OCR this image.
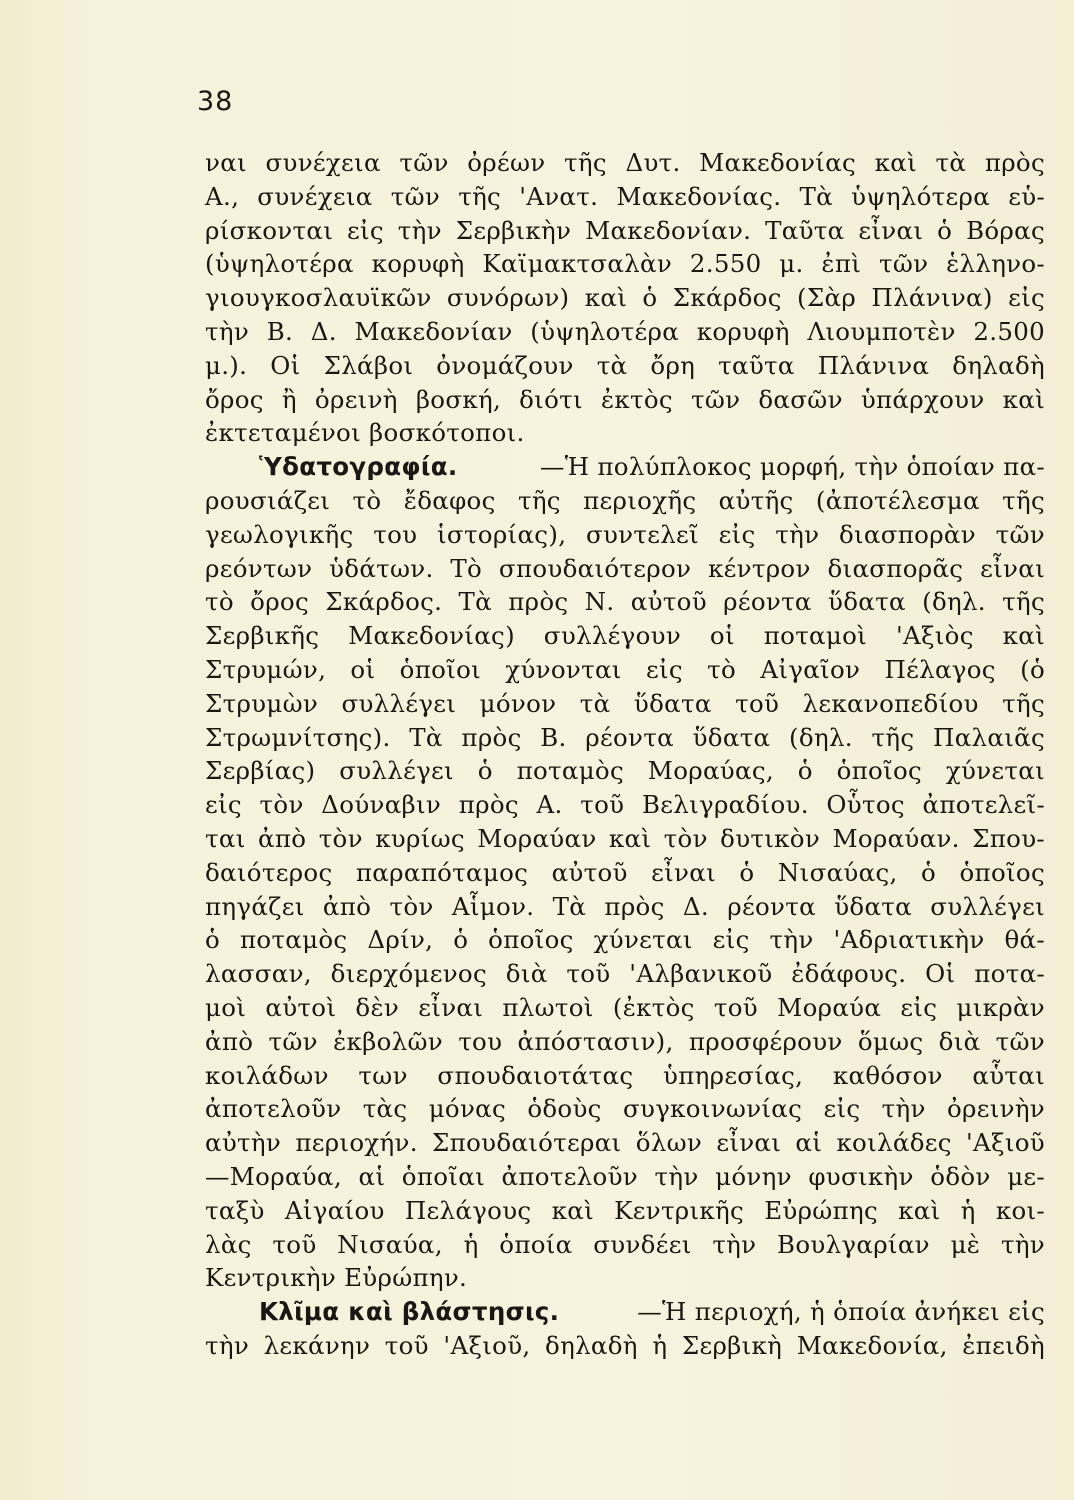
38
ναι συνέχεια τῶν ὀρέων τῆς Δυτ. Μακεδονίας καὶ τὰ πρὸς
Α., συνέχεια τῶν τῆς 'Ανατ. Μακεδονίας. Τὰ ὑψηλότερα εὑ-
ρίσκονται εἰς τὴν Σερβικὴν Μακεδονίαν. Ταῦτα εἶναι ὁ Βόρας
(ὑψηλοτέρα κορυφὴ Καϊμακτσαλὰν 2.550 μ. ἐπὶ τῶν ἑλληνο-
γιουγκοσλαυϊκῶν συνόρων) καὶ ὁ Σκάρδος (Σὰρ Πλάνινα) εἰς
τὴν Β. Δ. Μακεδονίαν (ὑψηλοτέρα κορυφὴ Λιουμποτὲν 2.500
μ.). Οἱ Σλάβοι ὀνομάζουν τὰ ὄρη ταῦτα Πλάνινα δηλαδὴ
ὄρος ἢ ὀρεινὴ βοσκή, διότι ἐκτὸς τῶν δασῶν ὑπάρχουν καὶ
ἐκτεταμένοι βοσκότοποι.
Ὑδατογραφία.	—Ἡ πολύπλοκος μορφή, τὴν ὁποίαν πα-
ρουσιάζει τὸ ἔδαφος τῆς περιοχῆς αὐτῆς (ἀποτέλεσμα τῆς
γεωλογικῆς του ἱστορίας), συντελεῖ εἰς τὴν διασπορὰν τῶν
ρεόντων ὑδάτων. Τὸ σπουδαιότερον κέντρον διασπορᾶς εἶναι
τὸ ὄρος Σκάρδος. Τὰ πρὸς Ν. αὐτοῦ ρέοντα ὕδατα (δηλ. τῆς
Σερβικῆς Μακεδονίας) συλλέγουν οἱ ποταμοὶ 'Αξιὸς καὶ
Στρυμών, οἱ ὁποῖοι χύνονται εἰς τὸ Αἰγαῖον Πέλαγος (ὁ
Στρυμὼν συλλέγει μόνον τὰ ὕδατα τοῦ λεκανοπεδίου τῆς
Στρωμνίτσης). Τὰ πρὸς Β. ρέοντα ὕδατα (δηλ. τῆς Παλαιᾶς
Σερβίας) συλλέγει ὁ ποταμὸς Μοραύας, ὁ ὁποῖος χύνεται
εἰς τὸν Δούναβιν πρὸς Α. τοῦ Βελιγραδίου. Οὗτος ἀποτελεῖ-
ται ἀπὸ τὸν κυρίως Μοραύαν καὶ τὸν δυτικὸν Μοραύαν. Σπου-
δαιότερος παραπόταμος αὐτοῦ εἶναι ὁ Νισαύας, ὁ ὁποῖος
πηγάζει ἀπὸ τὸν Αἷμον. Τὰ πρὸς Δ. ρέοντα ὕδατα συλλέγει
ὁ ποταμὸς Δρίν, ὁ ὁποῖος χύνεται εἰς τὴν 'Αδριατικὴν θά-
λασσαν, διερχόμενος διὰ τοῦ 'Αλβανικοῦ ἐδάφους. Οἱ ποτα-
μοὶ αὐτοὶ δὲν εἶναι πλωτοὶ (ἐκτὸς τοῦ Μοραύα εἰς μικρὰν
ἀπὸ τῶν ἐκβολῶν του ἀπόστασιν), προσφέρουν ὅμως διὰ τῶν
κοιλάδων των σπουδαιοτάτας ὑπηρεσίας, καθόσον αὗται
ἀποτελοῦν τὰς μόνας ὁδοὺς συγκοινωνίας εἰς τὴν ὀρεινὴν
αὐτὴν περιοχήν. Σπουδαιότεραι ὅλων εἶναι αἱ κοιλάδες 'Αξιοῦ
—Μοραύα, αἱ ὁποῖαι ἀποτελοῦν τὴν μόνην φυσικὴν ὁδὸν με-
ταξὺ Αἰγαίου Πελάγους καὶ Κεντρικῆς Εὐρώπης καὶ ἡ κοι-
λὰς τοῦ Νισαύα, ἡ ὁποία συνδέει τὴν Βουλγαρίαν μὲ τὴν
Κεντρικὴν Εὐρώπην.
Κλῖμα καὶ βλάστησις.	—Ἡ περιοχή, ἡ ὁποία ἀνήκει εἰς
τὴν λεκάνην τοῦ 'Αξιοῦ, δηλαδὴ ἡ Σερβικὴ Μακεδονία, ἐπειδὴ
